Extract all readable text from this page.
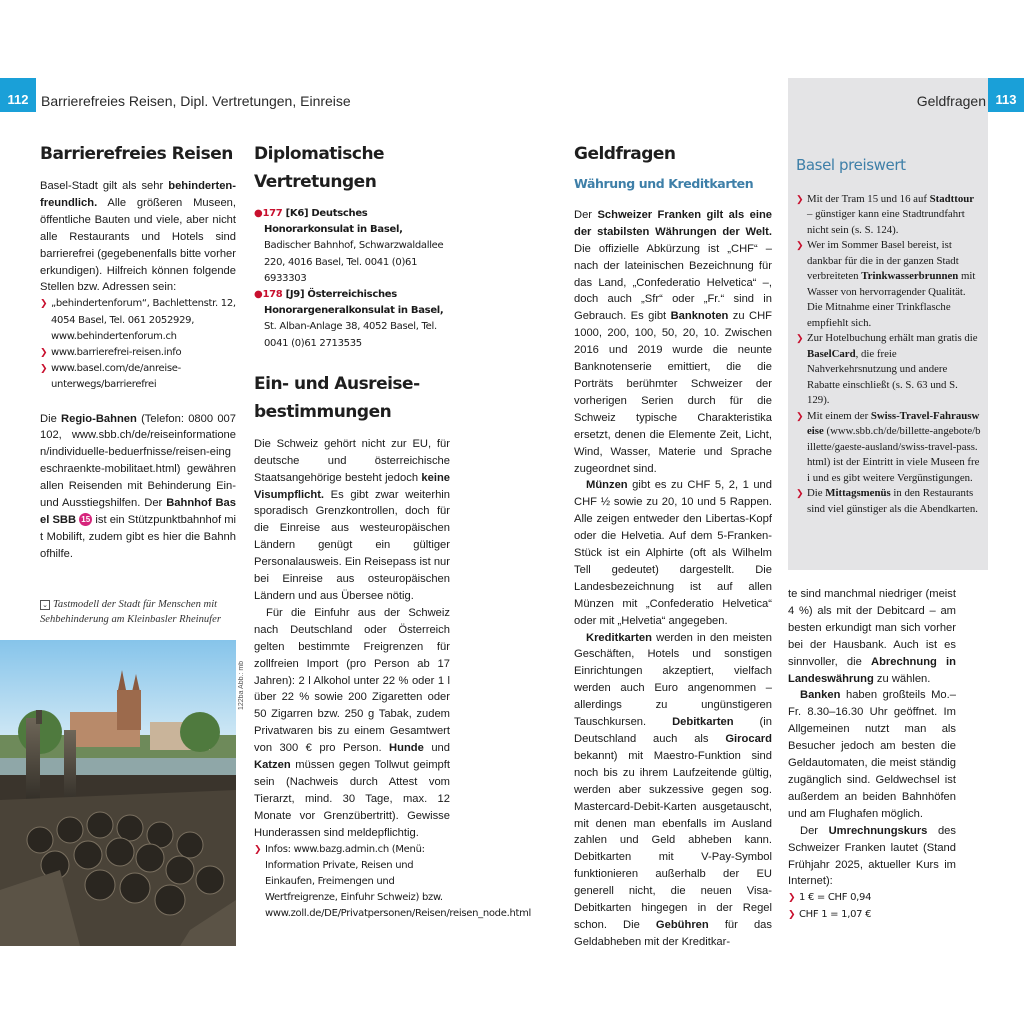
112 Barrierefreies Reisen, Dipl. Vertretungen, Einreise	Geldfragen 113
Barrierefreies Reisen

Basel-Stadt gilt als sehr behindertenfreundlich. Alle größeren Museen, öffentliche Bauten und viele, aber nicht alle Restaurants und Hotels sind barrierefrei (gegebenenfalls bitte vorher erkundigen). Hilfreich können folgende Stellen bzw. Adressen sein:

❯ „behindertenforum“, Bachlettenstr. 12, 4054 Basel, Tel. 061 2052929, www.behindertenforum.ch
❯ www.barrierefrei-reisen.info
❯ www.basel.com/de/anreise-unterwegs/barrierefrei

Die Regio-Bahnen (Telefon: 0800 007102, www.sbb.ch/de/reiseinformationen/individuelle-beduerfnisse/reisen-eingeschraenkte-mobilitaet.html) gewähren allen Reisenden mit Behinderung Ein- und Ausstiegshilfen. Der Bahnhof Basel SBB 15 ist ein Stützpunktbahnhof mit Mobilift, zudem gibt es hier die Bahnhofhilfe.

⌄ Tastmodell der Stadt für Menschen mit Sehbehinderung am Kleinbasler Rheinufer

122ba Abb.: mb
Diplomatische
Vertretungen

●177 [K6] Deutsches Honorarkonsulat in Basel, Badischer Bahnhof, Schwarzwaldallee 220, 4016 Basel, Tel. 0041 (0)61 6933303

●178 [J9] Österreichisches Honorargeneralkonsulat in Basel, St. Alban-Anlage 38, 4052 Basel, Tel. 0041 (0)61 2713535

Ein- und Ausreise-
bestimmungen

Die Schweiz gehört nicht zur EU, für deutsche und österreichische Staatsangehörige besteht jedoch keine Visumpflicht. Es gibt zwar weiterhin sporadisch Grenzkontrollen, doch für die Einreise aus westeuropäischen Ländern genügt ein gültiger Personalausweis. Ein Reisepass ist nur bei Einreise aus osteuropäischen Ländern und aus Übersee nötig.

Für die Einfuhr aus der Schweiz nach Deutschland oder Österreich gelten bestimmte Freigrenzen für zollfreien Import (pro Person ab 17 Jahren): 2 l Alkohol unter 22 % oder 1 l über 22 % sowie 200 Zigaretten oder 50 Zigarren bzw. 250 g Tabak, zudem Privatwaren bis zu einem Gesamtwert von 300 € pro Person. Hunde und Katzen müssen gegen Tollwut geimpft sein (Nachweis durch Attest vom Tierarzt, mind. 30 Tage, max. 12 Monate vor Grenzübertritt). Gewisse Hunderassen sind meldepflichtig.

❯ Infos: www.bazg.admin.ch (Menü: Information Private, Reisen und Einkaufen, Freimengen und Wertfreigrenze, Einfuhr Schweiz) bzw. www.zoll.de/DE/Privatpersonen/Reisen/reisen_node.html
Geldfragen
Währung und Kreditkarten

Der Schweizer Franken gilt als eine der stabilsten Währungen der Welt. Die offizielle Abkürzung ist „CHF“ – nach der lateinischen Bezeichnung für das Land, „Confederatio Helvetica“ –, doch auch „Sfr“ oder „Fr.“ sind in Gebrauch. Es gibt Banknoten zu CHF 1000, 200, 100, 50, 20, 10. Zwischen 2016 und 2019 wurde die neunte Banknotenserie emittiert, die die Porträts berühmter Schweizer der vorherigen Serien durch für die Schweiz typische Charakteristika ersetzt, denen die Elemente Zeit, Licht, Wind, Wasser, Materie und Sprache zugeordnet sind.

Münzen gibt es zu CHF 5, 2, 1 und CHF ½ sowie zu 20, 10 und 5 Rappen. Alle zeigen entweder den Libertas-Kopf oder die Helvetia. Auf dem 5-Franken-Stück ist ein Alphirte (oft als Wilhelm Tell gedeutet) dargestellt. Die Landesbezeichnung ist auf allen Münzen mit „Confederatio Helvetica“ oder mit „Helvetia“ angegeben.

Kreditkarten werden in den meisten Geschäften, Hotels und sonstigen Einrichtungen akzeptiert, vielfach werden auch Euro angenommen – allerdings zu ungünstigeren Tauschkursen. Debitkarten (in Deutschland auch als Girocard bekannt) mit Maestro-Funktion sind noch bis zu ihrem Laufzeitende gültig, werden aber sukzessive gegen sog. Mastercard-Debit-Karten ausgetauscht, mit denen man ebenfalls im Ausland zahlen und Geld abheben kann. Debitkarten mit V-Pay-Symbol funktionieren außerhalb der EU generell nicht, die neuen Visa-Debitkarten hingegen in der Regel schon. Die Gebühren für das Geldabheben mit der Kreditkar-

te sind manchmal niedriger (meist 4 %) als mit der Debitcard – am besten erkundigt man sich vorher bei der Hausbank. Auch ist es sinnvoller, die Abrechnung in Landeswährung zu wählen.

Banken haben großteils Mo.–Fr. 8.30–16.30 Uhr geöffnet. Im Allgemeinen nutzt man als Besucher jedoch am besten die Geldautomaten, die meist ständig zugänglich sind. Geldwechsel ist außerdem an beiden Bahnhöfen und am Flughafen möglich.

Der Umrechnungskurs des Schweizer Franken lautet (Stand Frühjahr 2025, aktueller Kurs im Internet):

❯ 1 € = CHF 0,94
❯ CHF 1 = 1,07 €
Basel preiswert
❯ Mit der Tram 15 und 16 auf Stadttour – günstiger kann eine Stadtrundfahrt nicht sein (s. S. 124).
❯ Wer im Sommer Basel bereist, ist dankbar für die in der ganzen Stadt verbreiteten Trinkwasserbrunnen mit Wasser von hervorragender Qualität. Die Mitnahme einer Trinkflasche empfiehlt sich.
❯ Zur Hotelbuchung erhält man gratis die BaselCard, die freie Nahverkehrsnutzung und andere Rabatte einschließt (s. S. 63 und S. 129).
❯ Mit einem der Swiss-Travel-Fahrausweise (www.sbb.ch/de/billette-angebote/billette/gaeste-ausland/swiss-travel-pass.html) ist der Eintritt in viele Museen frei und es gibt weitere Vergünstigungen.
❯ Die Mittagsmenüs in den Restaurants sind viel günstiger als die Abendkarten.
